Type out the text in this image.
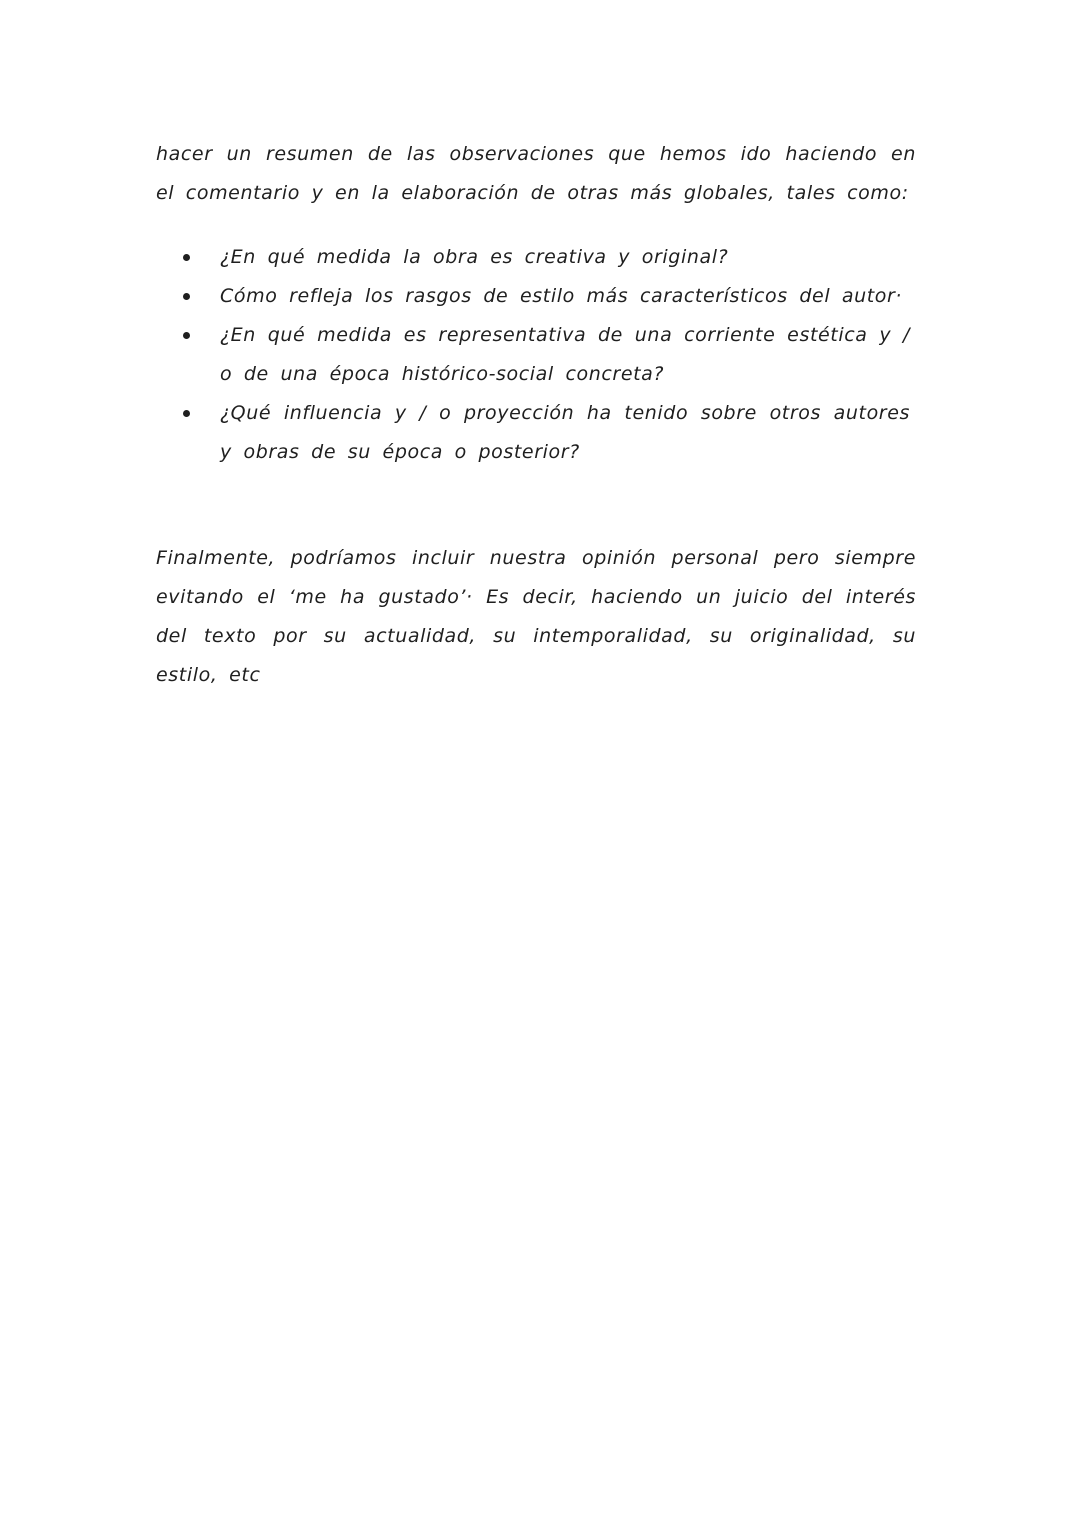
hacer un resumen de las observaciones que hemos ido haciendo en el comentario y en la elaboración de otras más globales, tales como:

¿En qué medida la obra es creativa y original?
Cómo refleja los rasgos de estilo más característicos del autor·
¿En qué medida es representativa de una corriente estética y / o de una época histórico-social concreta?
¿Qué influencia y / o proyección ha tenido sobre otros autores y obras de su época o posterior?

Finalmente, podríamos incluir nuestra opinión personal pero siempre evitando el ‘me ha gustado’· Es decir, haciendo un juicio del interés del texto por su actualidad, su intemporalidad, su originalidad, su estilo, etc
